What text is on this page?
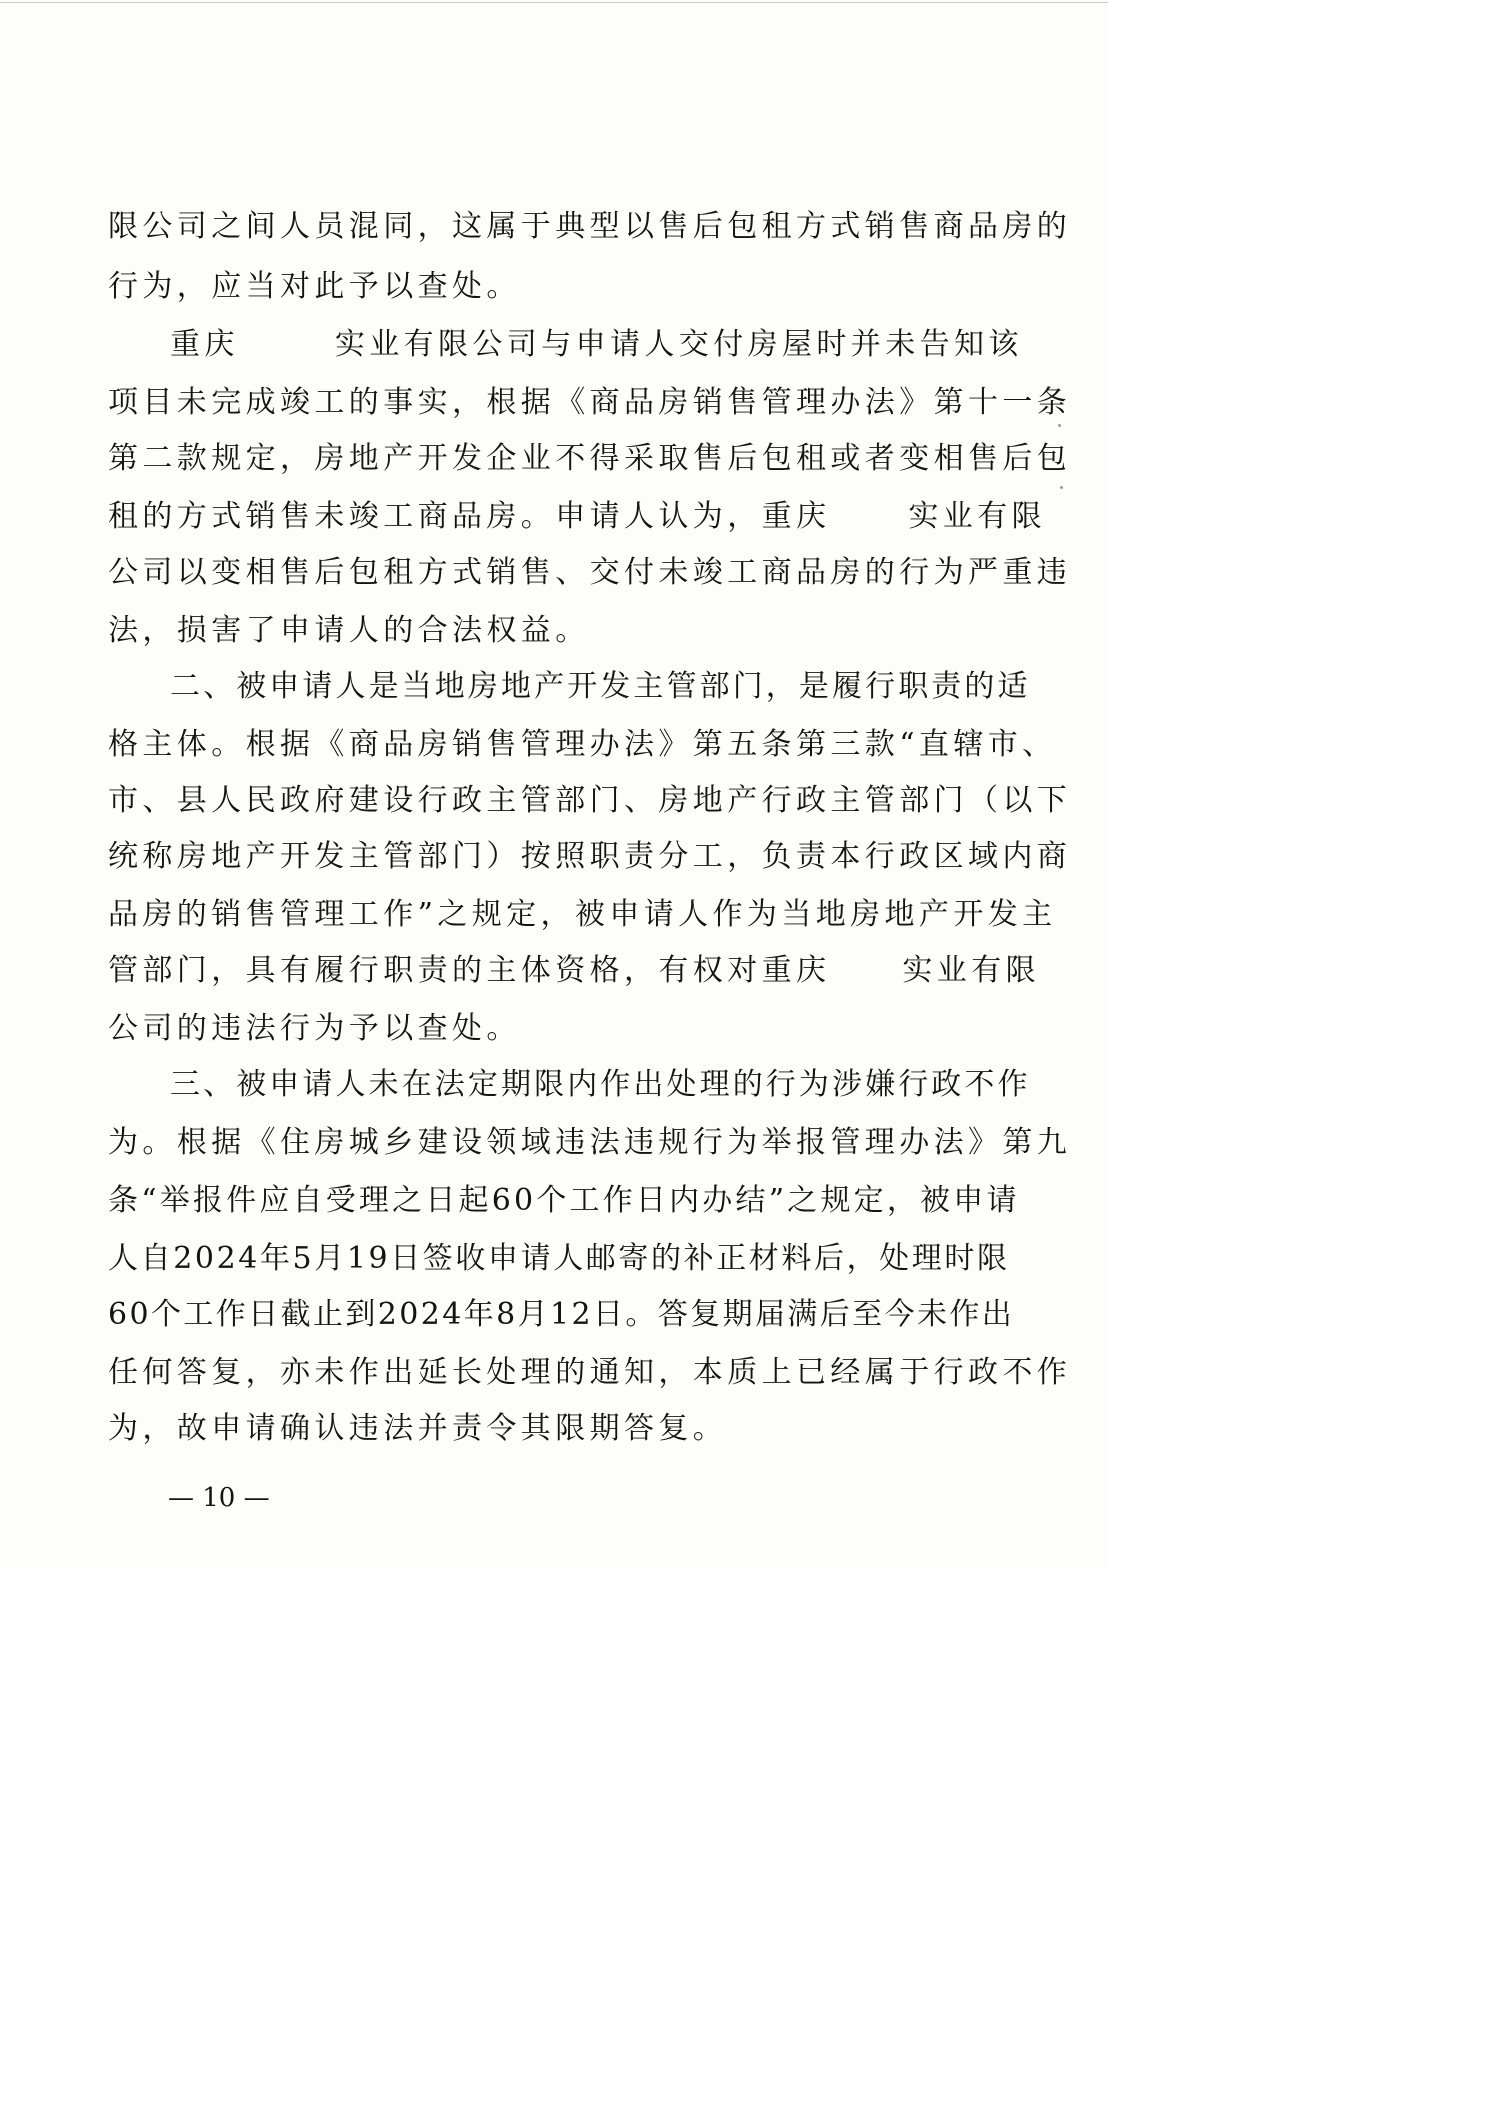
限公司之间人员混同，这属于典型以售后包租方式销售商品房的
行为，应当对此予以查处。
重庆	实业有限公司与申请人交付房屋时并未告知该
项目未完成竣工的事实，根据《商品房销售管理办法》第十一条
第二款规定，房地产开发企业不得采取售后包租或者变相售后包
租的方式销售未竣工商品房。申请人认为，重庆	实业有限
公司以变相售后包租方式销售、交付未竣工商品房的行为严重违
法，损害了申请人的合法权益。
二、被申请人是当地房地产开发主管部门，是履行职责的适
格主体。根据《商品房销售管理办法》第五条第三款“直辖市、
市、县人民政府建设行政主管部门、房地产行政主管部门（以下
统称房地产开发主管部门）按照职责分工，负责本行政区域内商
品房的销售管理工作”之规定，被申请人作为当地房地产开发主
管部门，具有履行职责的主体资格，有权对重庆 实业有限
公司的违法行为予以查处。
三、被申请人未在法定期限内作出处理的行为涉嫌行政不作
为。根据《住房城乡建设领域违法违规行为举报管理办法》第九
条“举报件应自受理之日起60个工作日内办结”之规定，被申请
人自2024年5月19日签收申请人邮寄的补正材料后，处理时限
60个工作日截止到2024年8月12日。答复期届满后至今未作出
任何答复，亦未作出延长处理的通知，本质上已经属于行政不作
为，故申请确认违法并责令其限期答复。
— 10 —
